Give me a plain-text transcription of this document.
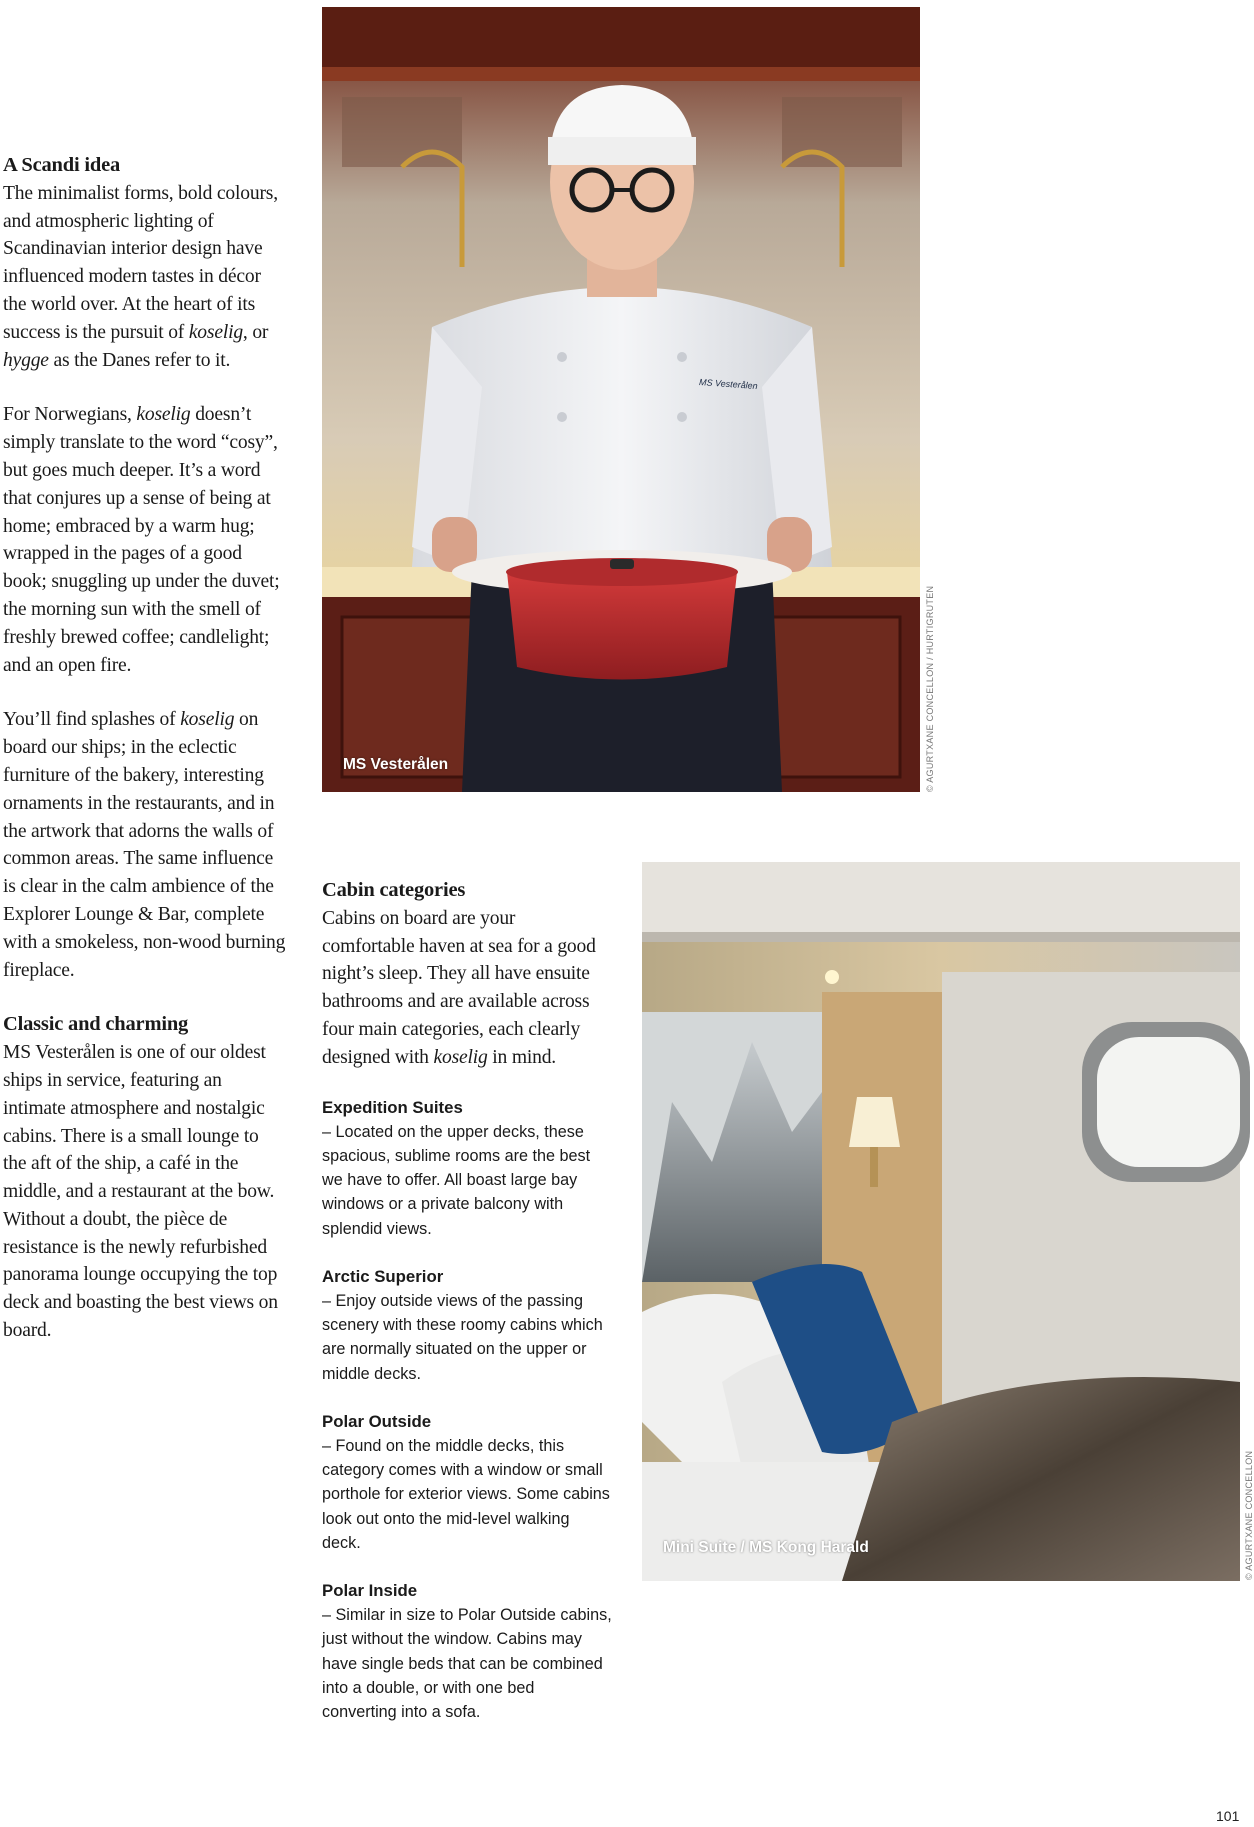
A Scandi idea

The minimalist forms, bold colours, and atmospheric lighting of Scandinavian interior design have influenced modern tastes in décor the world over. At the heart of its success is the pursuit of koselig, or hygge as the Danes refer to it.

For Norwegians, koselig doesn’t simply translate to the word “cosy”, but goes much deeper. It’s a word that conjures up a sense of being at home; embraced by a warm hug; wrapped in the pages of a good book; snuggling up under the duvet; the morning sun with the smell of freshly brewed coffee; candlelight; and an open fire.

You’ll find splashes of koselig on board our ships; in the eclectic furniture of the bakery, interesting ornaments in the restaurants, and in the artwork that adorns the walls of common areas. The same influence is clear in the calm ambience of the Explorer Lounge & Bar, complete with a smokeless, non-wood burning fireplace.

Classic and charming

MS Vesterålen is one of our oldest ships in service, featuring an intimate atmosphere and nostalgic cabins. There is a small lounge to the aft of the ship, a café in the middle, and a restaurant at the bow. Without a doubt, the pièce de resistance is the newly refurbished panorama lounge occupying the top deck and boasting the best views on board.

MS Vesterålen
MS Vesterålen
© AGURTXANE CONCELLON / HURTIGRUTEN
Cabin categories

Cabins on board are your comfortable haven at sea for a good night’s sleep. They all have ensuite bathrooms and are available across four main categories, each clearly designed with koselig in mind.

Expedition Suites

– Located on the upper decks, these spacious, sublime rooms are the best we have to offer. All boast large bay windows or a private balcony with splendid views.

Arctic Superior

– Enjoy outside views of the passing scenery with these roomy cabins which are normally situated on the upper or middle decks.

Polar Outside

– Found on the middle decks, this category comes with a window or small porthole for exterior views. Some cabins look out onto the mid-level walking deck.

Polar Inside

– Similar in size to Polar Outside cabins, just without the window. Cabins may have single beds that can be combined into a double, or with one bed converting into a sofa.

Mini Suite / MS Kong Harald	© AGURTXANE CONCELLON
101
